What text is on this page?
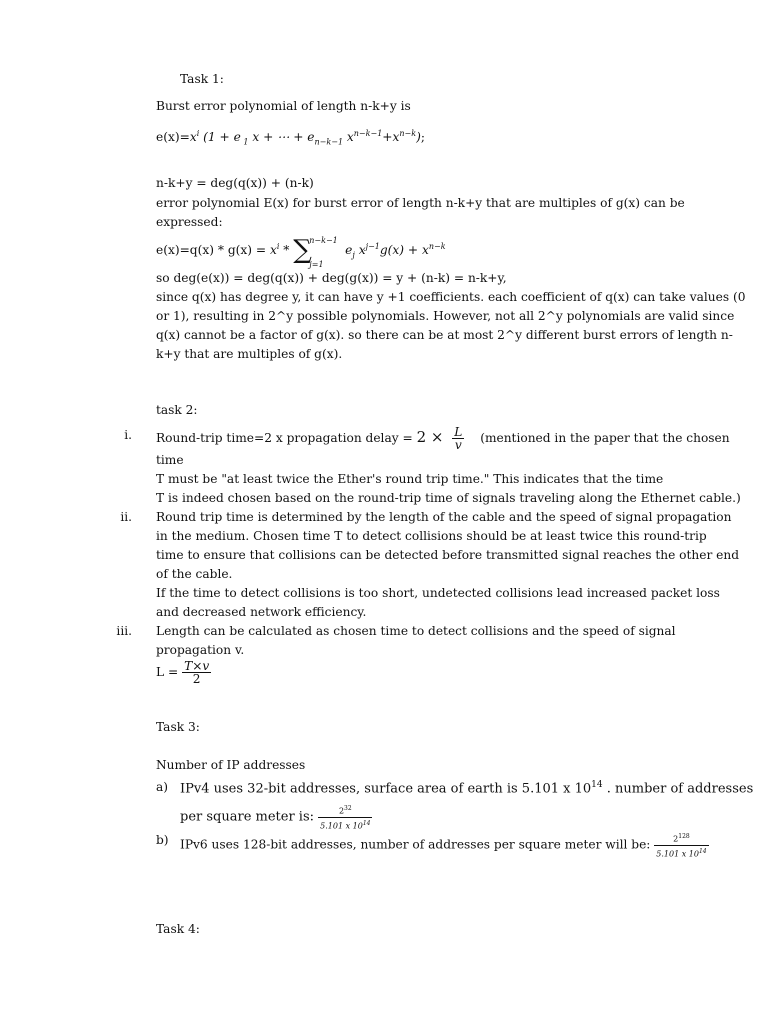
Task 1:
Burst error polynomial of length n-k+y is
$e(x)=x^i$ (1 + e $_1$ x + ⋯ + $e_{n-k-1}$ $x^{n-k-1}+x^{n-k}$);
n-k+y = deg(q(x)) + (n-k)
error polynomial E(x) for burst error of length n-k+y that are multiples of g(x) can be
expressed:
$e(x)=q(x) * g(x) = x^i$ *
n−k−1
∑
j=1
$e_j$ $x^{j-1}g(x) + x^{n-k}$
so deg(e(x)) = deg(q(x)) + deg(g(x)) = y + (n-k) = n-k+y,
since q(x) has degree y, it can have y +1 coefficients. each coefficient of q(x) can take values (0
or 1), resulting in 2^y possible polynomials. However, not all 2^y polynomials are valid since
q(x) cannot be a factor of g(x). so there can be at most 2^y different burst errors of length n-
k+y that are multiples of g(x).
task 2:
i. Round-trip time=2 x propagation delay = $2 \times \frac{L}{v}$ (mentioned in the paper that the chosen
time
T must be "at least twice the Ether's round trip time." This indicates that the time
T is indeed chosen based on the round-trip time of signals traveling along the Ethernet cable.)
ii. Round trip time is determined by the length of the cable and the speed of signal propagation
in the medium. Chosen time T to detect collisions should be at least twice this round-trip
time to ensure that collisions can be detected before transmitted signal reaches the other end
of the cable.
If the time to detect collisions is too short, undetected collisions lead increased packet loss
and decreased network efficiency.
iii. Length can be calculated as chosen time to detect collisions and the speed of signal
propagation v.
$L = \frac{T\times v}{2}$
Task 3:
Number of IP addresses
a) IPv4 uses 32-bit addresses, surface area of earth is 5.101 x $10^{14}$ . number of addresses
per square meter is: $\frac{2^{32}}{5.101 x 10^{14}}$
b) IPv6 uses 128-bit addresses, number of addresses per square meter will be: $\frac{2^{128}}{5.101 x 10^{14}}$
Task 4:
